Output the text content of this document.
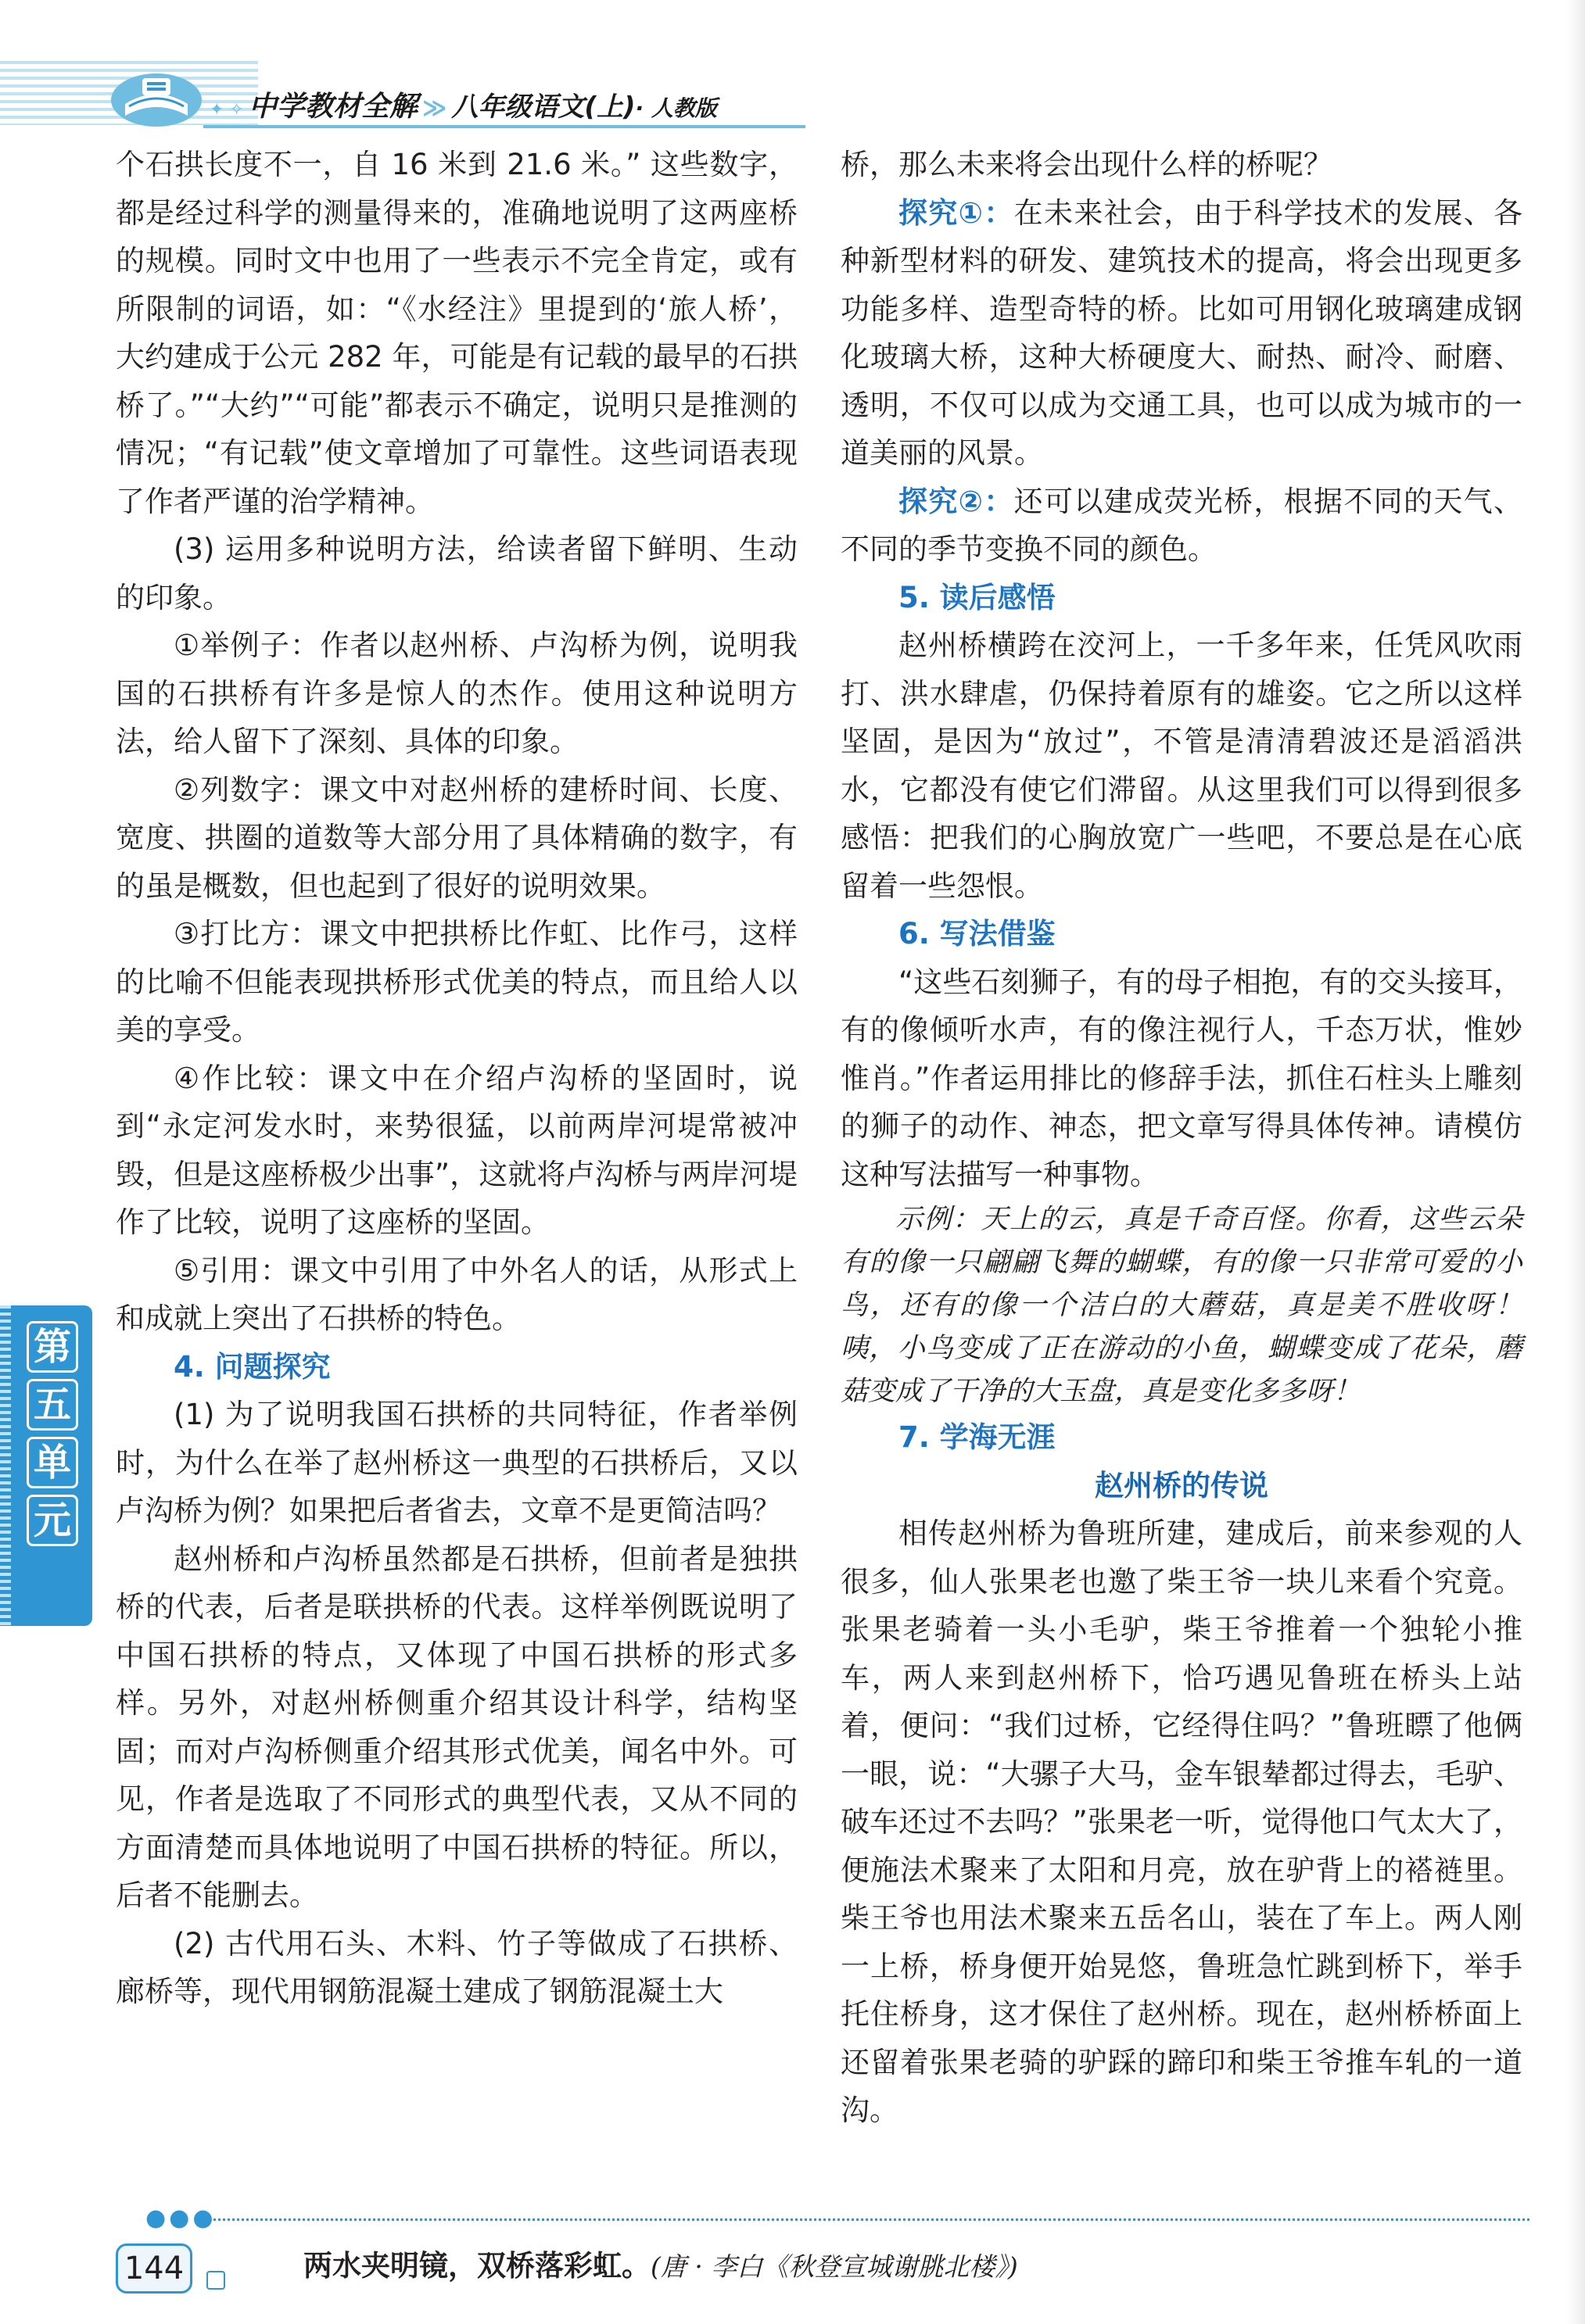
✦ ✧ 中学教材全解 ≫ 八年级语文(上)· 人教版

个石拱长度不一，自 16 米到 21.6 米。” 这些数字，都是经过科学的测量得来的，准确地说明了这两座桥的规模。同时文中也用了一些表示不完全肯定，或有所限制的词语，如：“《水经注》里提到的‘旅人桥’，大约建成于公元 282 年，可能是有记载的最早的石拱桥了。”“大约”“可能”都表示不确定，说明只是推测的情况；“有记载”使文章增加了可靠性。这些词语表现了作者严谨的治学精神。

(3) 运用多种说明方法，给读者留下鲜明、生动的印象。

①举例子：作者以赵州桥、卢沟桥为例，说明我国的石拱桥有许多是惊人的杰作。使用这种说明方法，给人留下了深刻、具体的印象。

②列数字：课文中对赵州桥的建桥时间、长度、宽度、拱圈的道数等大部分用了具体精确的数字，有的虽是概数，但也起到了很好的说明效果。

③打比方：课文中把拱桥比作虹、比作弓，这样的比喻不但能表现拱桥形式优美的特点，而且给人以美的享受。

④作比较：课文中在介绍卢沟桥的坚固时，说到“永定河发水时，来势很猛，以前两岸河堤常被冲毁，但是这座桥极少出事”，这就将卢沟桥与两岸河堤作了比较，说明了这座桥的坚固。

⑤引用：课文中引用了中外名人的话，从形式上和成就上突出了石拱桥的特色。

4. 问题探究

(1) 为了说明我国石拱桥的共同特征，作者举例时，为什么在举了赵州桥这一典型的石拱桥后，又以卢沟桥为例？如果把后者省去，文章不是更简洁吗？

赵州桥和卢沟桥虽然都是石拱桥，但前者是独拱桥的代表，后者是联拱桥的代表。这样举例既说明了中国石拱桥的特点，又体现了中国石拱桥的形式多样。另外，对赵州桥侧重介绍其设计科学，结构坚固；而对卢沟桥侧重介绍其形式优美，闻名中外。可见，作者是选取了不同形式的典型代表，又从不同的方面清楚而具体地说明了中国石拱桥的特征。所以，后者不能删去。

(2) 古代用石头、木料、竹子等做成了石拱桥、廊桥等，现代用钢筋混凝土建成了钢筋混凝土大

桥，那么未来将会出现什么样的桥呢？

探究①：在未来社会，由于科学技术的发展、各种新型材料的研发、建筑技术的提高，将会出现更多功能多样、造型奇特的桥。比如可用钢化玻璃建成钢化玻璃大桥，这种大桥硬度大、耐热、耐冷、耐磨、透明，不仅可以成为交通工具，也可以成为城市的一道美丽的风景。

探究②：还可以建成荧光桥，根据不同的天气、不同的季节变换不同的颜色。

5. 读后感悟

赵州桥横跨在洨河上，一千多年来，任凭风吹雨打、洪水肆虐，仍保持着原有的雄姿。它之所以这样坚固，是因为“放过”，不管是清清碧波还是滔滔洪水，它都没有使它们滞留。从这里我们可以得到很多感悟：把我们的心胸放宽广一些吧，不要总是在心底留着一些怨恨。

6. 写法借鉴

“这些石刻狮子，有的母子相抱，有的交头接耳，有的像倾听水声，有的像注视行人，千态万状，惟妙惟肖。”作者运用排比的修辞手法，抓住石柱头上雕刻的狮子的动作、神态，把文章写得具体传神。请模仿这种写法描写一种事物。

示例：天上的云，真是千奇百怪。你看，这些云朵有的像一只翩翩飞舞的蝴蝶，有的像一只非常可爱的小鸟，还有的像一个洁白的大蘑菇，真是美不胜收呀！咦，小鸟变成了正在游动的小鱼，蝴蝶变成了花朵，蘑菇变成了干净的大玉盘，真是变化多多呀！

7. 学海无涯

赵州桥的传说

相传赵州桥为鲁班所建，建成后，前来参观的人很多，仙人张果老也邀了柴王爷一块儿来看个究竟。张果老骑着一头小毛驴，柴王爷推着一个独轮小推车，两人来到赵州桥下，恰巧遇见鲁班在桥头上站着，便问：“我们过桥，它经得住吗？”鲁班瞟了他俩一眼，说：“大骡子大马，金车银辇都过得去，毛驴、破车还过不去吗？”张果老一听，觉得他口气太大了，便施法术聚来了太阳和月亮，放在驴背上的褡裢里。柴王爷也用法术聚来五岳名山，装在了车上。两人刚一上桥，桥身便开始晃悠，鲁班急忙跳到桥下，举手托住桥身，这才保住了赵州桥。现在，赵州桥桥面上还留着张果老骑的驴踩的蹄印和柴王爷推车轧的一道沟。

第
五
单
元
●●●
144	两水夹明镜，双桥落彩虹。(唐 · 李白《秋登宣城谢朓北楼》)
